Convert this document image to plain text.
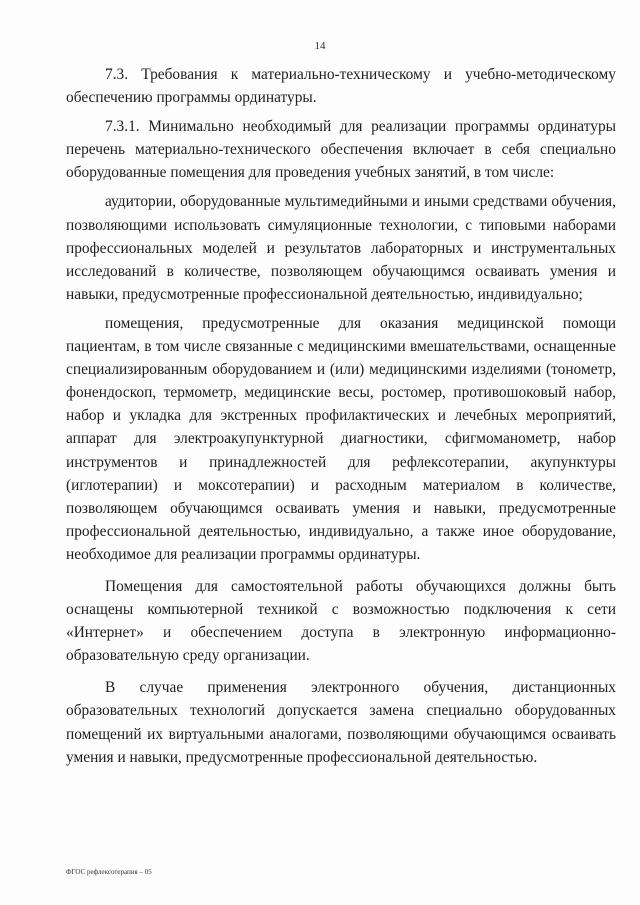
14

7.3. Требования к материально-техническому и учебно-методическому обеспечению программы ординатуры.

7.3.1. Минимально необходимый для реализации программы ординатуры перечень материально-технического обеспечения включает в себя специально оборудованные помещения для проведения учебных занятий, в том числе:

аудитории, оборудованные мультимедийными и иными средствами обучения, позволяющими использовать симуляционные технологии, с типовыми наборами профессиональных моделей и результатов лабораторных и инструментальных исследований в количестве, позволяющем обучающимся осваивать умения и навыки, предусмотренные профессиональной деятельностью, индивидуально;

помещения, предусмотренные для оказания медицинской помощи пациентам, в том числе связанные с медицинскими вмешательствами, оснащенные специализированным оборудованием и (или) медицинскими изделиями (тонометр, фонендоскоп, термометр, медицинские весы, ростомер, противошоковый набор, набор и укладка для экстренных профилактических и лечебных мероприятий, аппарат для электроакупунктурной диагностики, сфигмоманометр, набор инструментов и принадлежностей для рефлексотерапии, акупунктуры (иглотерапии) и моксотерапии) и расходным материалом в количестве, позволяющем обучающимся осваивать умения и навыки, предусмотренные профессиональной деятельностью, индивидуально, а также иное оборудование, необходимое для реализации программы ординатуры.

Помещения для самостоятельной работы обучающихся должны быть оснащены компьютерной техникой с возможностью подключения к сети «Интернет» и обеспечением доступа в электронную информационно-образовательную среду организации.

В случае применения электронного обучения, дистанционных образовательных технологий допускается замена специально оборудованных помещений их виртуальными аналогами, позволяющими обучающимся осваивать умения и навыки, предусмотренные профессиональной деятельностью.

ФГОС рефлексотерапия – 05
